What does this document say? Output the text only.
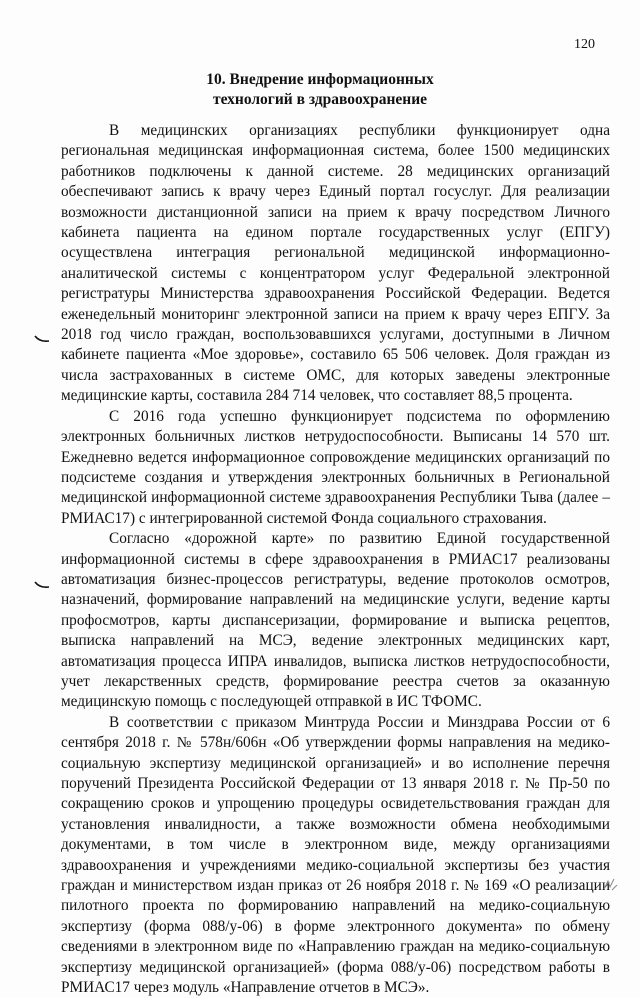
120
10. Внедрение информационных
технологий в здравоохранение

В медицинских организациях республики функционирует одна региональная медицинская информационная система, более 1500 медицинских работников подключены к данной системе. 28 медицинских организаций обеспечивают запись к врачу через Единый портал госуслуг. Для реализации возможности дистанционной записи на прием к врачу посредством Личного кабинета пациента на едином портале государственных услуг (ЕПГУ) осуществлена интеграция региональной медицинской информационно-аналитической системы с концентратором услуг Федеральной электронной регистратуры Министерства здравоохранения Российской Федерации. Ведется еженедельный мониторинг электронной записи на прием к врачу через ЕПГУ. За 2018 год число граждан, воспользовавшихся услугами, доступными в Личном кабинете пациента «Мое здоровье», составило 65 506 человек. Доля граждан из числа застрахованных в системе ОМС, для которых заведены электронные медицинские карты, составила 284 714 человек, что составляет 88,5 процента.

С 2016 года успешно функционирует подсистема по оформлению электронных больничных листков нетрудоспособности. Выписаны 14 570 шт. Ежедневно ведется информационное сопровождение медицинских организаций по подсистеме создания и утверждения электронных больничных в Региональной медицинской информационной системе здравоохранения Республики Тыва (далее – РМИАС17) с интегрированной системой Фонда социального страхования.

Согласно «дорожной карте» по развитию Единой государственной информационной системы в сфере здравоохранения в РМИАС17 реализованы автоматизация бизнес-процессов регистратуры, ведение протоколов осмотров, назначений, формирование направлений на медицинские услуги, ведение карты профосмотров, карты диспансеризации, формирование и выписка рецептов, выписка направлений на МСЭ, ведение электронных медицинских карт, автоматизация процесса ИПРА инвалидов, выписка листков нетрудоспособности, учет лекарственных средств, формирование реестра счетов за оказанную медицинскую помощь с последующей отправкой в ИС ТФОМС.

В соответствии с приказом Минтруда России и Минздрава России от 6 сентября 2018 г. № 578н/606н «Об утверждении формы направления на медико-социальную экспертизу медицинской организацией» и во исполнение перечня поручений Президента Российской Федерации от 13 января 2018 г. № Пр-50 по сокращению сроков и упрощению процедуры освидетельствования граждан для установления инвалидности, а также возможности обмена необходимыми документами, в том числе в электронном виде, между организациями здравоохранения и учреждениями медико-социальной экспертизы без участия граждан и министерством издан приказ от 26 ноября 2018 г. № 169 «О реализации пилотного проекта по формированию направлений на медико-социальную экспертизу (форма 088/у-06) в форме электронного документа» по обмену сведениями в электронном виде по «Направлению граждан на медико-социальную экспертизу медицинской организацией» (форма 088/у-06) посредством работы в РМИАС17 через модуль «Направление отчетов в МСЭ».
